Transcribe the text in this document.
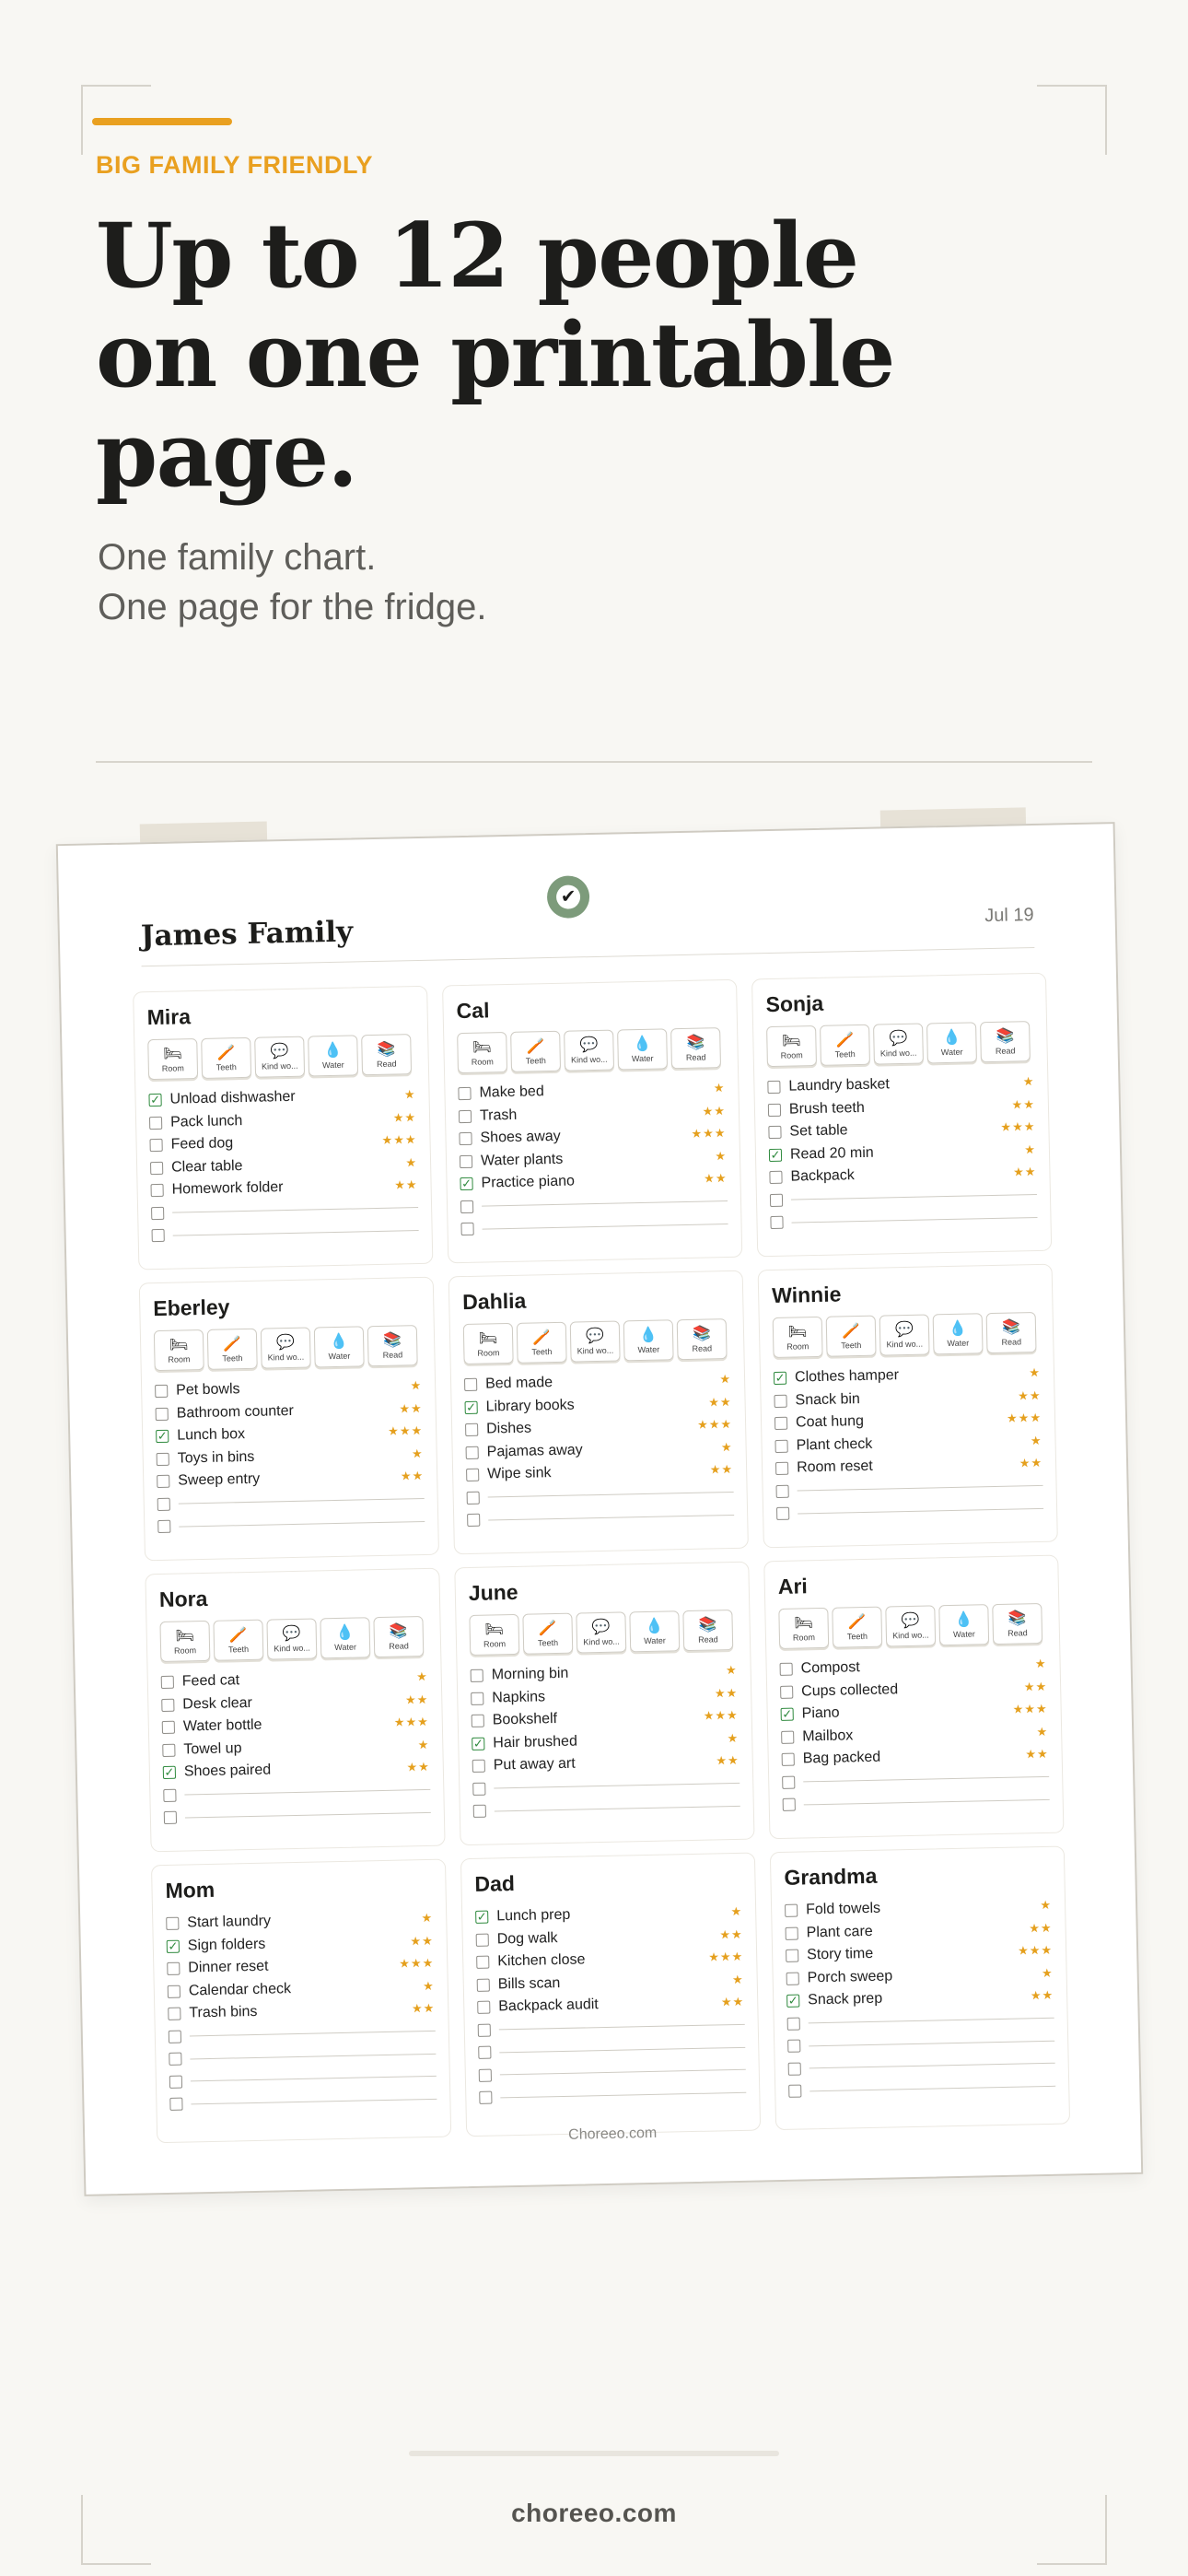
BIG FAMILY FRIENDLY
Up to 12 people
on one printable page.

One family chart.
One page for the fridge.

✔
James Family	Jul 19
Mira
🛏
Room
🪥
Teeth
💬
Kind wo...
💧
Water
📚
Read
✓ Unload dishwasher	★
Pack lunch	★★
Feed dog	★★★
Clear table	★
Homework folder	★★
Cal
🛏
Room
🪥
Teeth
💬
Kind wo...
💧
Water
📚
Read
Make bed	★
Trash	★★
Shoes away	★★★
Water plants	★
✓ Practice piano	★★
Sonja
🛏
Room
🪥
Teeth
💬
Kind wo...
💧
Water
📚
Read
Laundry basket	★
Brush teeth	★★
Set table	★★★
✓ Read 20 min	★
Backpack	★★
Eberley
🛏
Room
🪥
Teeth
💬
Kind wo...
💧
Water
📚
Read
Pet bowls	★
Bathroom counter	★★
✓ Lunch box	★★★
Toys in bins	★
Sweep entry	★★
Dahlia
🛏
Room
🪥
Teeth
💬
Kind wo...
💧
Water
📚
Read
Bed made	★
✓ Library books	★★
Dishes	★★★
Pajamas away	★
Wipe sink	★★
Winnie
🛏
Room
🪥
Teeth
💬
Kind wo...
💧
Water
📚
Read
✓ Clothes hamper	★
Snack bin	★★
Coat hung	★★★
Plant check	★
Room reset	★★
Nora
🛏
Room
🪥
Teeth
💬
Kind wo...
💧
Water
📚
Read
Feed cat	★
Desk clear	★★
Water bottle	★★★
Towel up	★
✓ Shoes paired	★★
June
🛏
Room
🪥
Teeth
💬
Kind wo...
💧
Water
📚
Read
Morning bin	★
Napkins	★★
Bookshelf	★★★
✓ Hair brushed	★
Put away art	★★
Ari
🛏
Room
🪥
Teeth
💬
Kind wo...
💧
Water
📚
Read
Compost	★
Cups collected	★★
✓ Piano	★★★
Mailbox	★
Bag packed	★★
Mom
Start laundry	★
✓ Sign folders	★★
Dinner reset	★★★
Calendar check	★
Trash bins	★★
Dad
✓ Lunch prep	★
Dog walk	★★
Kitchen close	★★★
Bills scan	★
Backpack audit	★★
Grandma
Fold towels	★
Plant care	★★
Story time	★★★
Porch sweep	★
✓ Snack prep	★★
Choreeo.com
choreeo.com
